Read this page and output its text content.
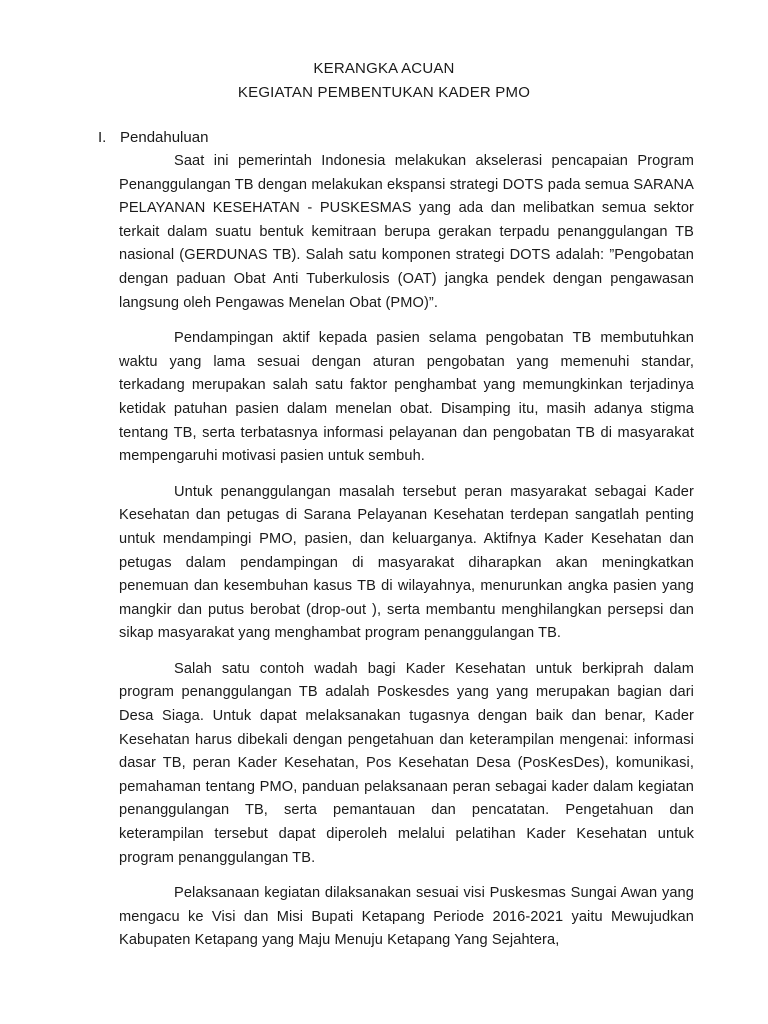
KERANGKA ACUAN
KEGIATAN PEMBENTUKAN KADER PMO
I. Pendahuluan

Saat ini pemerintah Indonesia melakukan akselerasi pencapaian Program Penanggulangan TB dengan melakukan ekspansi strategi DOTS pada semua SARANA PELAYANAN KESEHATAN - PUSKESMAS yang ada dan melibatkan semua sektor terkait dalam suatu bentuk kemitraan berupa gerakan terpadu penanggulangan TB nasional (GERDUNAS TB). Salah satu komponen strategi DOTS adalah: ”Pengobatan dengan paduan Obat Anti Tuberkulosis (OAT) jangka pendek dengan pengawasan langsung oleh Pengawas Menelan Obat (PMO)”.

Pendampingan aktif kepada pasien selama pengobatan TB membutuhkan waktu yang lama sesuai dengan aturan pengobatan yang memenuhi standar, terkadang merupakan salah satu faktor penghambat yang memungkinkan terjadinya ketidak patuhan pasien dalam menelan obat. Disamping itu, masih adanya stigma tentang TB, serta terbatasnya informasi pelayanan dan pengobatan TB di masyarakat mempengaruhi motivasi pasien untuk sembuh.

Untuk penanggulangan masalah tersebut peran masyarakat sebagai Kader Kesehatan dan petugas di Sarana Pelayanan Kesehatan terdepan sangatlah penting untuk mendampingi PMO, pasien, dan keluarganya. Aktifnya Kader Kesehatan dan petugas dalam pendampingan di masyarakat diharapkan akan meningkatkan penemuan dan kesembuhan kasus TB di wilayahnya, menurunkan angka pasien yang mangkir dan putus berobat (drop-out ), serta membantu menghilangkan persepsi dan sikap masyarakat yang menghambat program penanggulangan TB.

Salah satu contoh wadah bagi Kader Kesehatan untuk berkiprah dalam program penanggulangan TB adalah Poskesdes yang yang merupakan bagian dari Desa Siaga. Untuk dapat melaksanakan tugasnya dengan baik dan benar, Kader Kesehatan harus dibekali dengan pengetahuan dan keterampilan mengenai: informasi dasar TB, peran Kader Kesehatan, Pos Kesehatan Desa (PosKesDes), komunikasi, pemahaman tentang PMO, panduan pelaksanaan peran sebagai kader dalam kegiatan penanggulangan TB, serta pemantauan dan pencatatan. Pengetahuan dan keterampilan tersebut dapat diperoleh melalui pelatihan Kader Kesehatan untuk program penanggulangan TB.

Pelaksanaan kegiatan dilaksanakan sesuai visi Puskesmas Sungai Awan yang mengacu ke Visi dan Misi Bupati Ketapang Periode 2016-2021 yaitu Mewujudkan Kabupaten Ketapang yang Maju Menuju Ketapang Yang Sejahtera,
